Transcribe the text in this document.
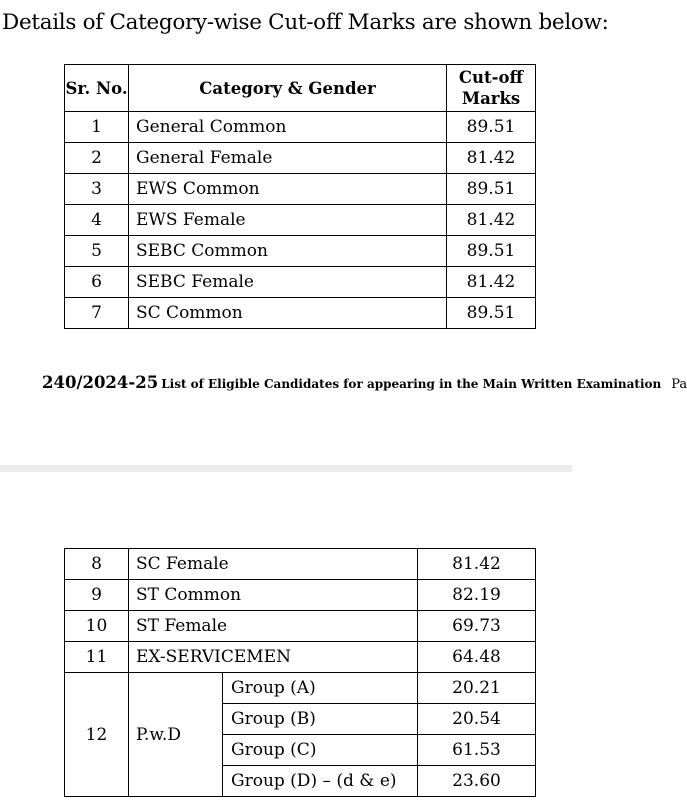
Details of Category-wise Cut-off Marks are shown below:
Sr. No.	Category & Gender	Cut-off Marks
1	General Common	89.51
2	General Female	81.42
3	EWS Common	89.51
4	EWS Female	81.42
5	SEBC Common	89.51
6	SEBC Female	81.42
7	SC Common	89.51
240/2024-25 List of Eligible Candidates for appearing in the Main Written Examination Pa
8	SC Female		81.42
9	ST Common		82.19
10	ST Female		69.73
11	EX-SERVICEMEN		64.48
12	P.w.D	Group (A)	20.21
		Group (B)	20.54
		Group (C)	61.53
		Group (D) – (d & e)	23.60
